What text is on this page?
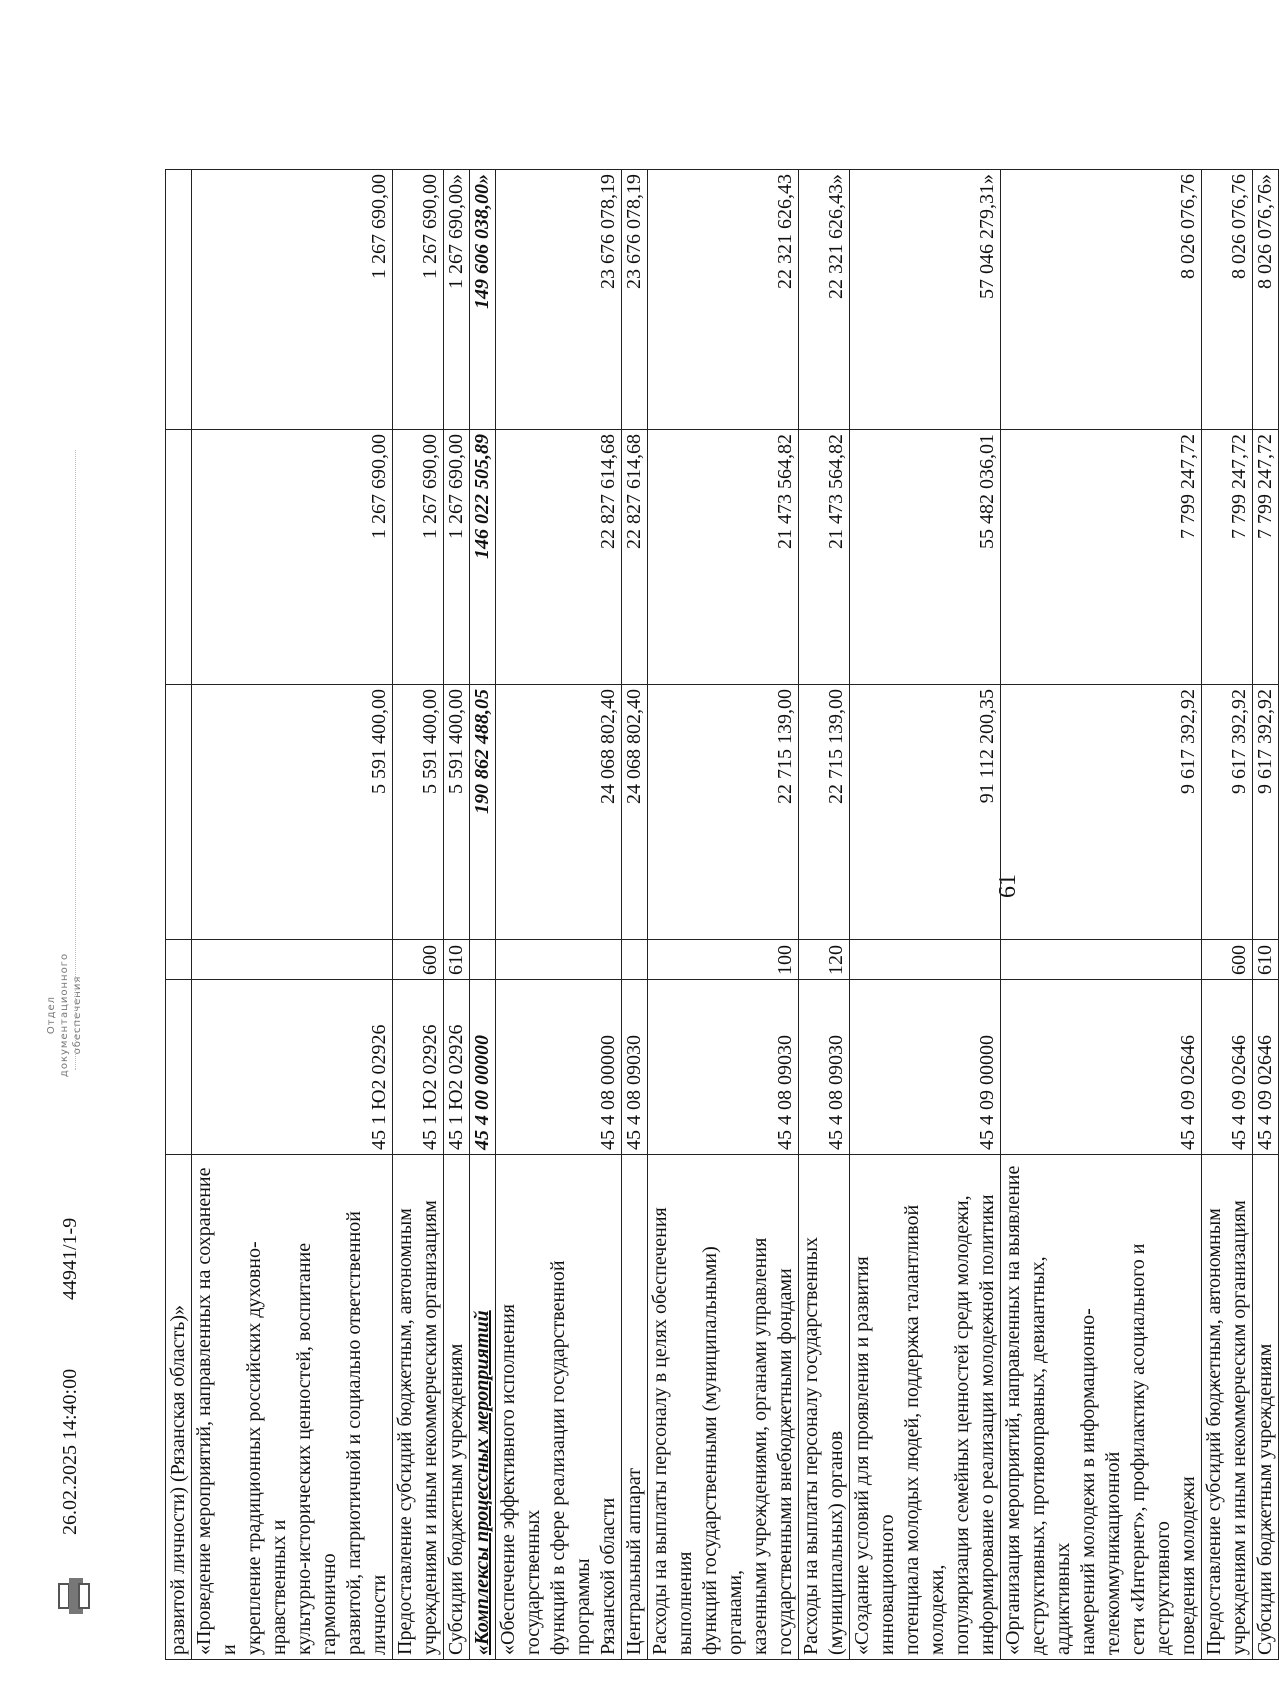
61
развитой личности) (Рязанская область)»					

«Проведение мероприятий, направленных на сохранение и укрепление традиционных российских духовно-нравственных и культурно-исторических ценностей, воспитание гармонично развитой, патриотичной и социально ответственной личности	45 1 Ю2 02926		5 591 400,00	1 267 690,00	1 267 690,00

Предоставление субсидий бюджетным, автономным учреждениям и иным некоммерческим организациям	45 1 Ю2 02926	600	5 591 400,00	1 267 690,00	1 267 690,00

Субсидии бюджетным учреждениям	45 1 Ю2 02926	610	5 591 400,00	1 267 690,00	1 267 690,00»

«Комплексы процессных мероприятий	45 4 00 00000		190 862 488,05	146 022 505,89	149 606 038,00»

«Обеспечение эффективного исполнения государственных функций в сфере реализации государственной программы Рязанской области	45 4 08 00000		24 068 802,40	22 827 614,68	23 676 078,19

Центральный аппарат	45 4 08 09030		24 068 802,40	22 827 614,68	23 676 078,19

Расходы на выплаты персоналу в целях обеспечения выполнения функций государственными (муниципальными) органами, казенными учреждениями, органами управления государственными внебюджетными фондами	45 4 08 09030	100	22 715 139,00	21 473 564,82	22 321 626,43

Расходы на выплаты персоналу государственных (муниципальных) органов	45 4 08 09030	120	22 715 139,00	21 473 564,82	22 321 626,43»

«Создание условий для проявления и развития инновационного потенциала молодых людей, поддержка талантливой молодежи, популяризация семейных ценностей среди молодежи, информирование о реализации молодежной политики	45 4 09 00000		91 112 200,35	55 482 036,01	57 046 279,31»

«Организация мероприятий, направленных на выявление деструктивных, противоправных, девиантных, аддиктивных намерений молодежи в информационно-телекоммуникационной сети «Интернет», профилактику асоциального и деструктивного поведения молодежи	45 4 09 02646		9 617 392,92	7 799 247,72	8 026 076,76

Предоставление субсидий бюджетным, автономным учреждениям и иным некоммерческим организациям	45 4 09 02646	600	9 617 392,92	7 799 247,72	8 026 076,76

Субсидии бюджетным учреждениям	45 4 09 02646	610	9 617 392,92	7 799 247,72	8 026 076,76»
26.02.2025 14:40:00
44941/1-9
Отдел документационного обеспечения
